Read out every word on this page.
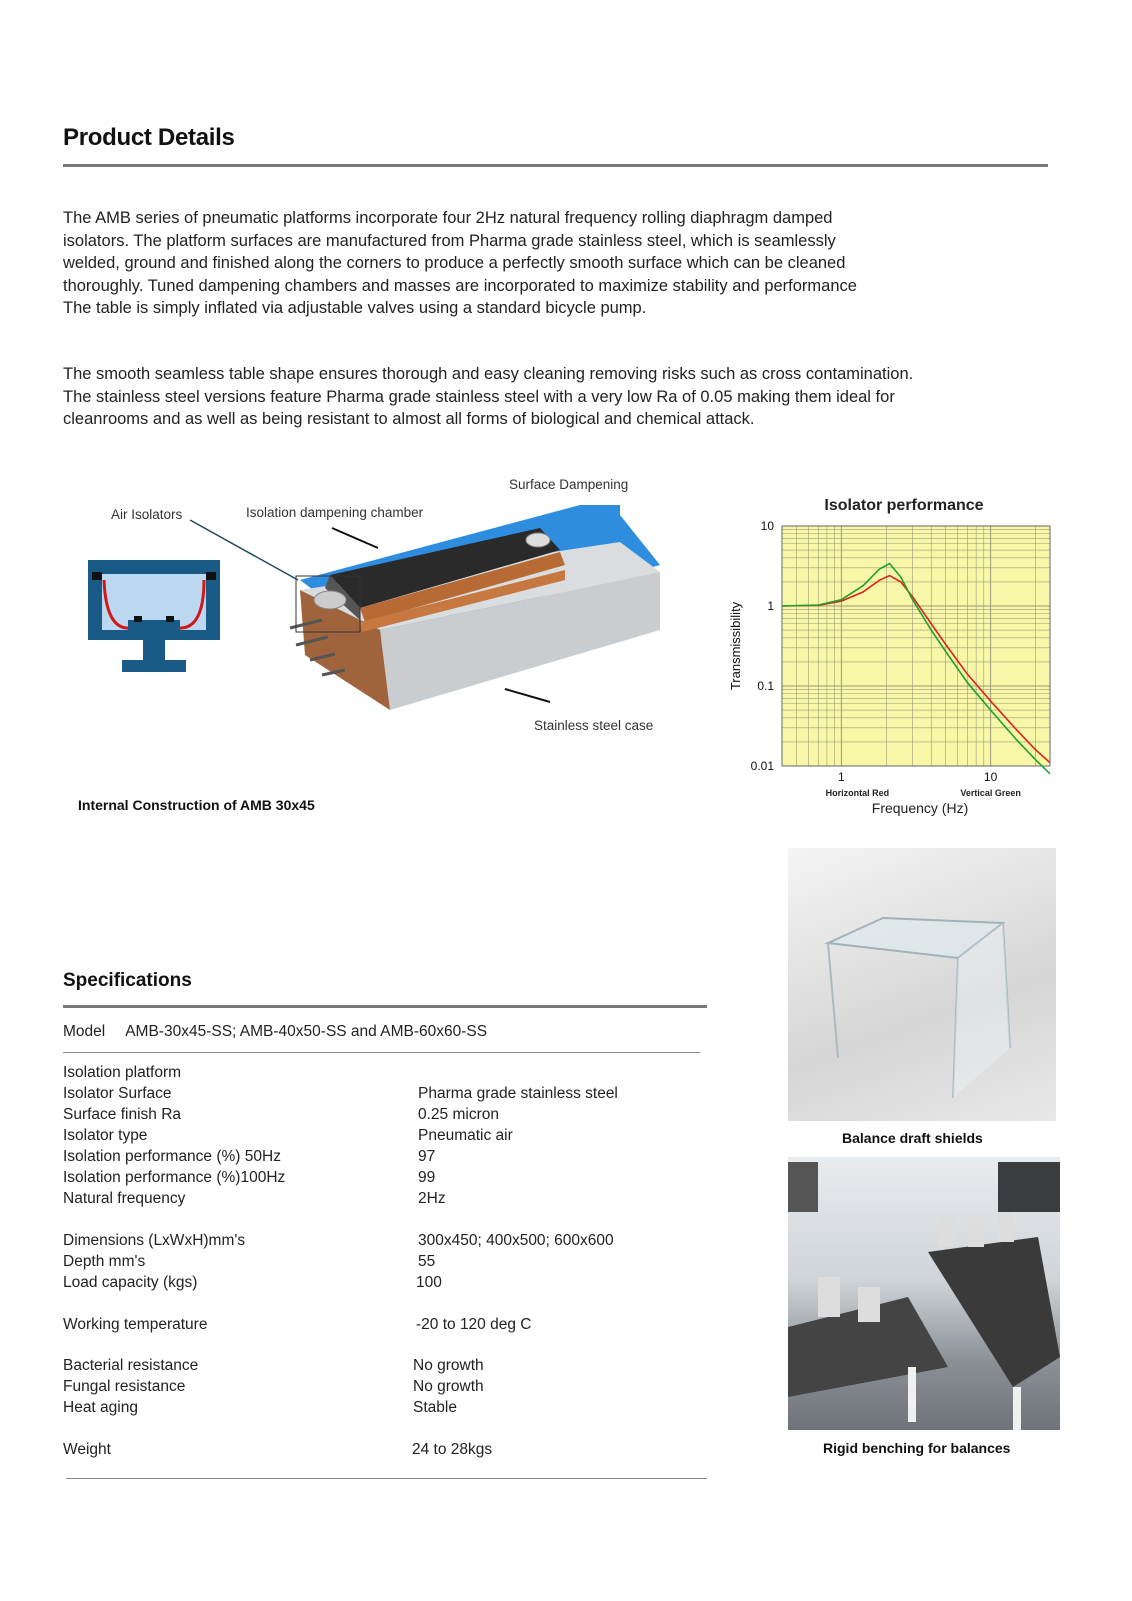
Product Details
The AMB series of pneumatic platforms incorporate four 2Hz natural frequency rolling diaphragm damped
isolators. The platform surfaces are manufactured from Pharma grade stainless steel, which is seamlessly
welded, ground and finished along the corners to produce a perfectly smooth surface which can be cleaned
thoroughly. Tuned dampening chambers and masses are incorporated to maximize stability and performance
The table is simply inflated via adjustable valves using a standard bicycle pump.
The smooth seamless table shape ensures thorough and easy cleaning removing risks such as cross contamination.
The stainless steel versions feature Pharma grade stainless steel with a very low Ra of 0.05 making them ideal for
cleanrooms and as well as being resistant to almost all forms of biological and chemical attack.
Air Isolators	Isolation dampening chamber
Surface Dampening
Stainless steel case
Internal Construction of AMB 30x45
10
1
0.1
0.01
1	10
Isolator performance
Transmissibility
Horizontal Red	Vertical Green
Frequency (Hz)
Balance draft shields
Rigid benching for balances
Specifications
Model AMB-30x45-SS; AMB-40x50-SS and AMB-60x60-SS
Isolation platform
Isolator Surface	Pharma grade stainless steel
Surface finish Ra	0.25 micron
Isolator type	Pneumatic air
Isolation performance (%) 50Hz	97
Isolation performance (%)100Hz	99
Natural frequency	2Hz
Dimensions (LxWxH)mm's	300x450; 400x500; 600x600
Depth mm's	55
Load capacity (kgs)	100
Working temperature	-20 to 120 deg C
Bacterial resistance	No growth
Fungal resistance	No growth
Heat aging	Stable
Weight	24 to 28kgs
